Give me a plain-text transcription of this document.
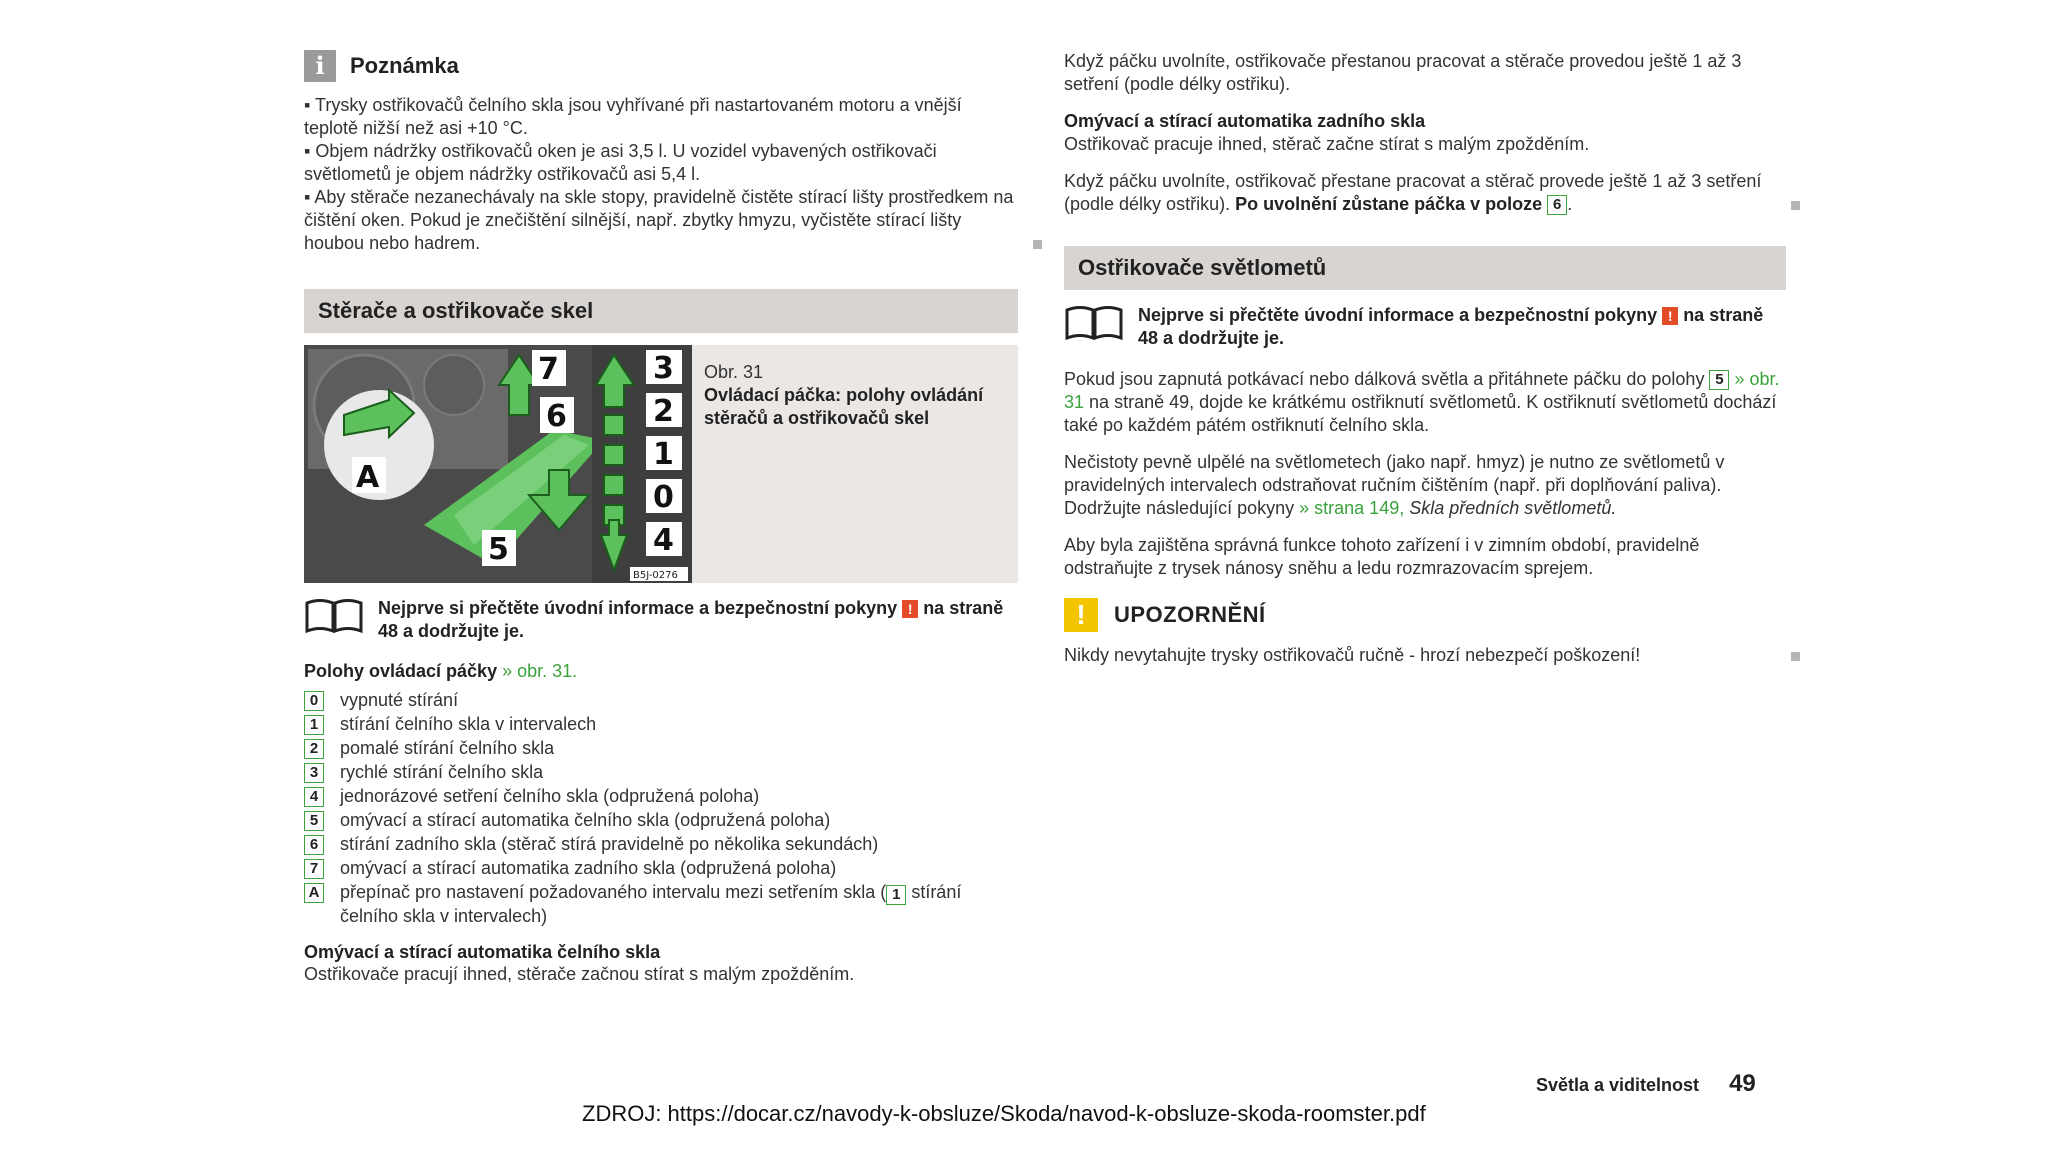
i	Poznámka
▪ Trysky ostřikovačů čelního skla jsou vyhřívané při nastartovaném motoru a vnější teplotě nižší než asi +10 °C.
▪ Objem nádržky ostřikovačů oken je asi 3,5 l. U vozidel vybavených ostřikovači světlometů je objem nádržky ostřikovačů asi 5,4 l.
▪ Aby stěrače nezanechávaly na skle stopy, pravidelně čistěte stírací lišty prostředkem na čištění oken. Pokud je znečištění silnější, např. zbytky hmyzu, vyčistěte stírací lišty houbou nebo hadrem.
Stěrače a ostřikovače skel
7
6
A
5
3
2
1
0
4
B5J-0276
Obr. 31
Ovládací páčka: polohy ovládání stěračů a ostřikovačů skel
Nejprve si přečtěte úvodní informace a bezpečnostní pokyny ! na straně 48 a dodržujte je.
Polohy ovládací páčky » obr. 31.
0	vypnuté stírání
1	stírání čelního skla v intervalech
2	pomalé stírání čelního skla
3	rychlé stírání čelního skla
4	jednorázové setření čelního skla (odpružená poloha)
5	omývací a stírací automatika čelního skla (odpružená poloha)
6	stírání zadního skla (stěrač stírá pravidelně po několika sekundách)
7	omývací a stírací automatika zadního skla (odpružená poloha)
A přepínač pro nastavení požadovaného intervalu mezi setřením skla ( 1 stírání čelního skla v intervalech)
Omývací a stírací automatika čelního skla

Ostřikovače pracují ihned, stěrače začnou stírat s malým zpožděním.

Když páčku uvolníte, ostřikovače přestanou pracovat a stěrače provedou ještě 1 až 3 setření (podle délky ostřiku).

Omývací a stírací automatika zadního skla

Ostřikovač pracuje ihned, stěrač začne stírat s malým zpožděním.

Když páčku uvolníte, ostřikovač přestane pracovat a stěrač provede ještě 1 až 3 setření (podle délky ostřiku). Po uvolnění zůstane páčka v poloze 6 .

Ostřikovače světlometů
Nejprve si přečtěte úvodní informace a bezpečnostní pokyny ! na straně 48 a dodržujte je.

Pokud jsou zapnutá potkávací nebo dálková světla a přitáhnete páčku do polohy 5 » obr. 31 na straně 49, dojde ke krátkému ostřiknutí světlometů. K ostřiknutí světlometů dochází také po každém pátém ostřiknutí čelního skla.

Nečistoty pevně ulpělé na světlometech (jako např. hmyz) je nutno ze světlometů v pravidelných intervalech odstraňovat ručním čištěním (např. při doplňování paliva). Dodržujte následující pokyny » strana 149, Skla předních světlometů.

Aby byla zajištěna správná funkce tohoto zařízení i v zimním období, pravidelně odstraňujte z trysek nánosy sněhu a ledu rozmrazovacím sprejem.

!	UPOZORNĚNÍ

Nikdy nevytahujte trysky ostřikovačů ručně - hrozí nebezpečí poškození!

Světla a viditelnost 49
ZDROJ: https://docar.cz/navody-k-obsluze/Skoda/navod-k-obsluze-skoda-roomster.pdf
